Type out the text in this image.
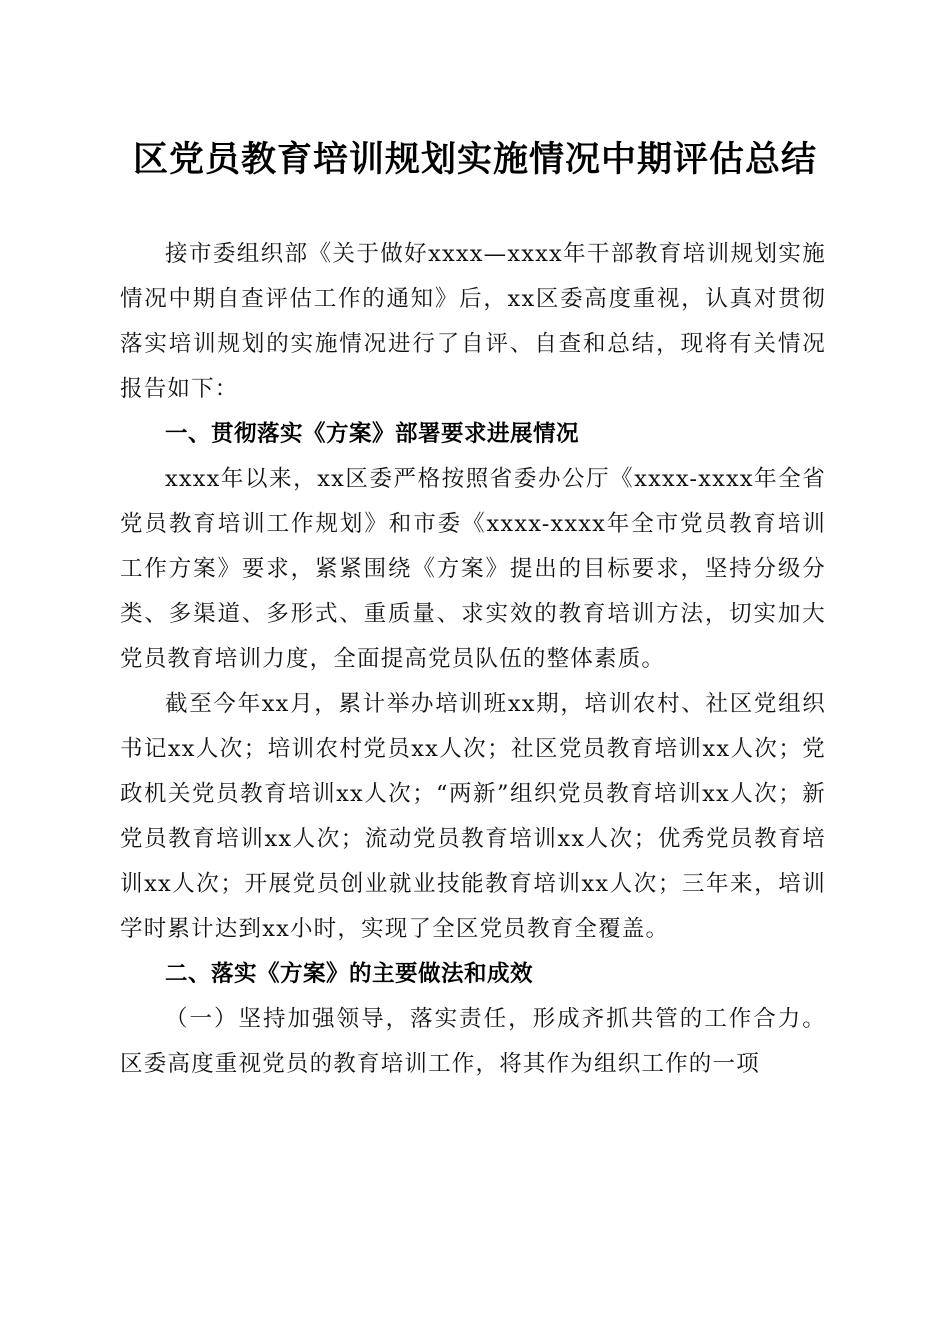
区党员教育培训规划实施情况中期评估总结

接市委组织部《关于做好xxxx—xxxx年干部教育培训规划实施情况中期自查评估工作的通知》后，xx区委高度重视，认真对贯彻落实培训规划的实施情况进行了自评、自查和总结，现将有关情况报告如下：

一、贯彻落实《方案》部署要求进展情况

xxxx年以来，xx区委严格按照省委办公厅《xxxx-xxxx年全省党员教育培训工作规划》和市委《xxxx-xxxx年全市党员教育培训工作方案》要求，紧紧围绕《方案》提出的目标要求，坚持分级分类、多渠道、多形式、重质量、求实效的教育培训方法，切实加大党员教育培训力度，全面提高党员队伍的整体素质。

截至今年xx月，累计举办培训班xx期，培训农村、社区党组织书记xx人次；培训农村党员xx人次；社区党员教育培训xx人次；党政机关党员教育培训xx人次；“两新”组织党员教育培训xx人次；新党员教育培训xx人次；流动党员教育培训xx人次；优秀党员教育培训xx人次；开展党员创业就业技能教育培训xx人次；三年来，培训学时累计达到xx小时，实现了全区党员教育全覆盖。

二、落实《方案》的主要做法和成效

（一）坚持加强领导，落实责任，形成齐抓共管的工作合力。区委高度重视党员的教育培训工作，将其作为组织工作的一项
